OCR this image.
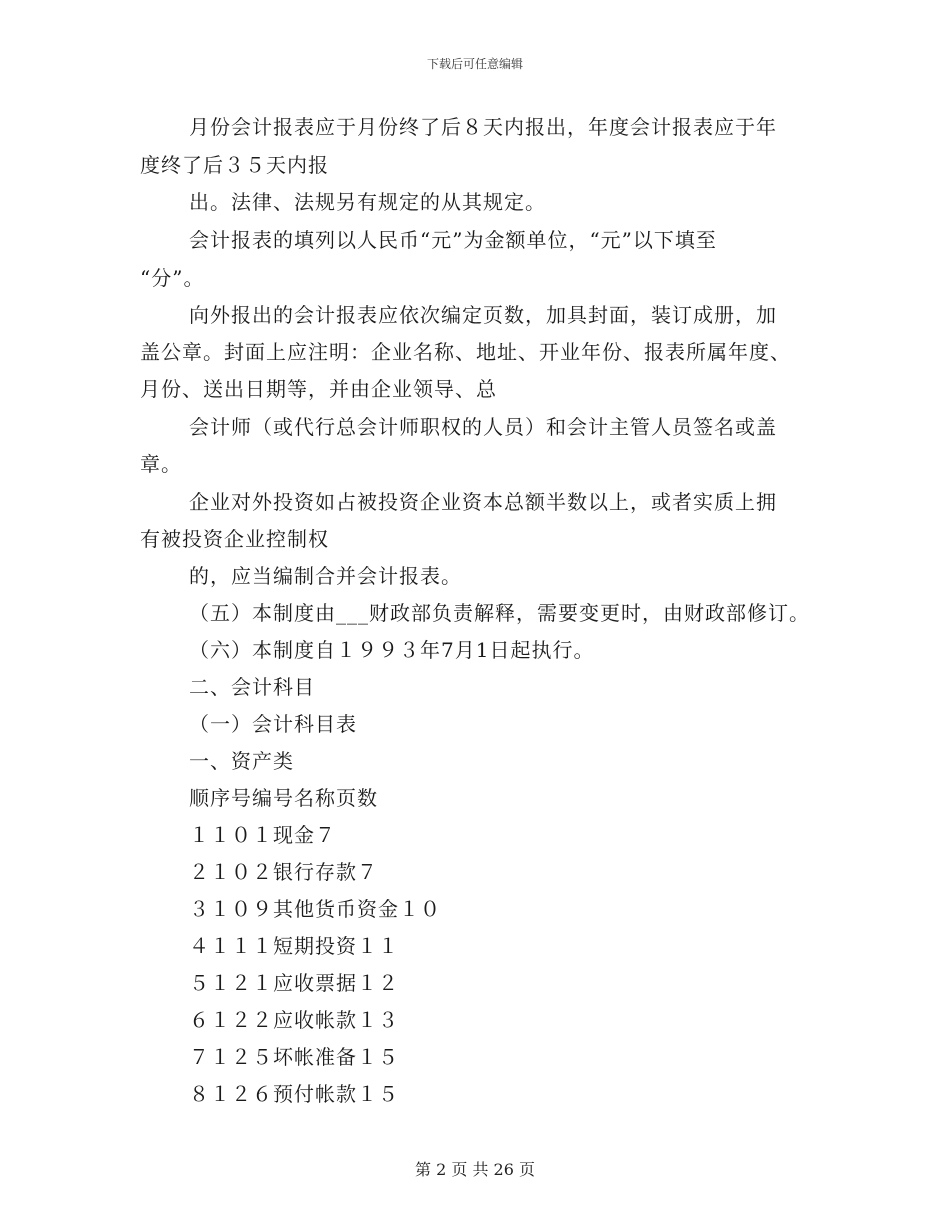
下载后可任意编辑
月份会计报表应于月份终了后８天内报出，年度会计报表应于年
度终了后３５天内报
出。法律、法规另有规定的从其规定。
会计报表的填列以人民币“元”为金额单位，“元”以下填至
“分”。
向外报出的会计报表应依次编定页数，加具封面，装订成册，加
盖公章。封面上应注明：企业名称、地址、开业年份、报表所属年度、
月份、送出日期等，并由企业领导、总
会计师（或代行总会计师职权的人员）和会计主管人员签名或盖
章。
企业对外投资如占被投资企业资本总额半数以上，或者实质上拥
有被投资企业控制权
的，应当编制合并会计报表。
（五）本制度由___财政部负责解释，需要变更时，由财政部修订。
（六）本制度自１９９３年7月1日起执行。
二、会计科目
（一）会计科目表
一、资产类
顺序号编号名称页数
１１０１现金７
２１０２银行存款７
３１０９其他货币资金１０
４１１１短期投资１１
５１２１应收票据１２
６１２２应收帐款１３
７１２５坏帐准备１５
８１２６预付帐款１５
第 2 页 共 26 页
